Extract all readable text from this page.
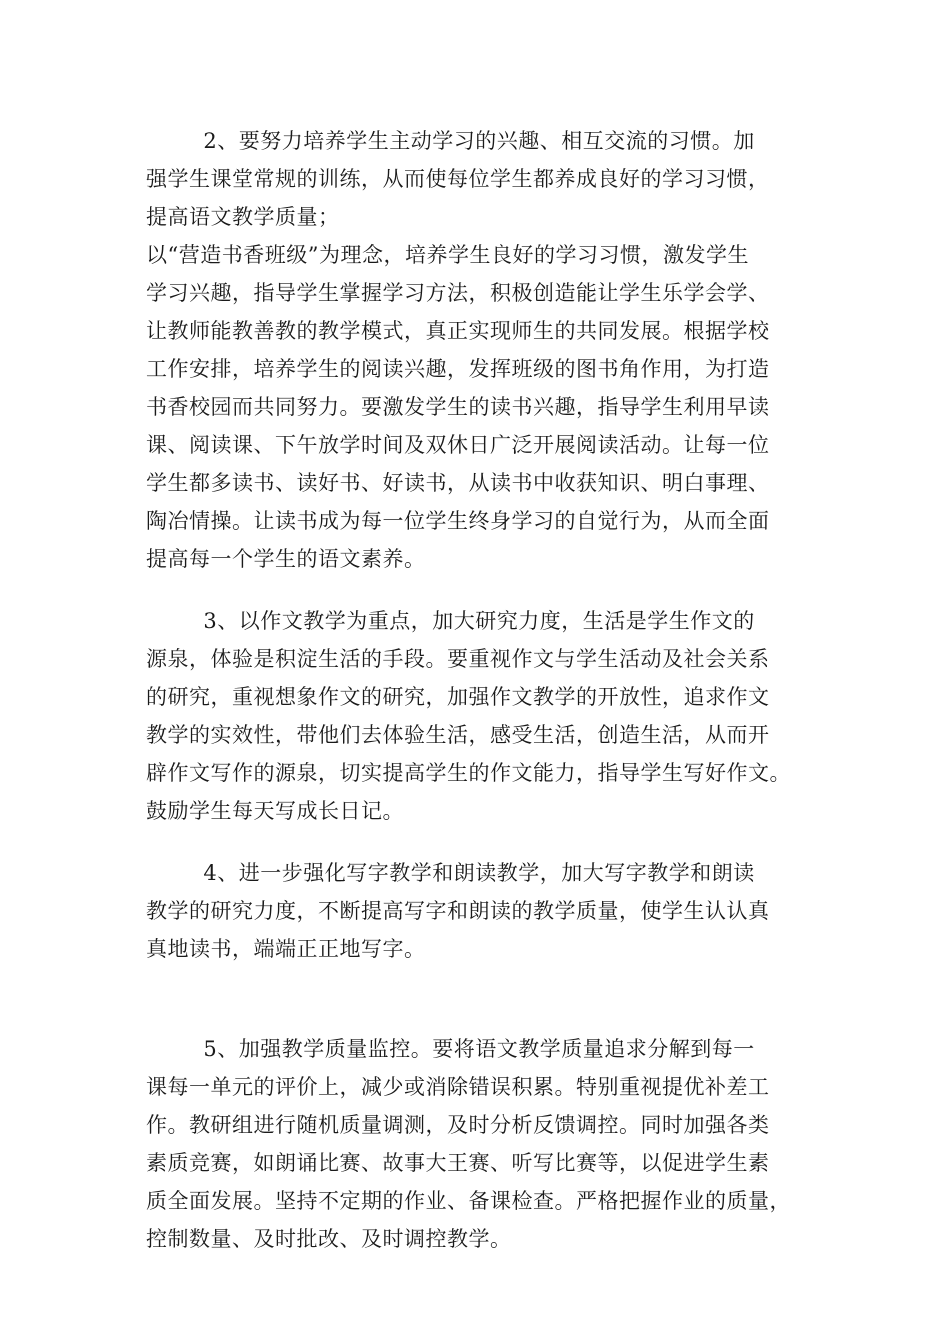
2、要努力培养学生主动学习的兴趣、相互交流的习惯。加
强学生课堂常规的训练，从而使每位学生都养成良好的学习习惯，
提高语文教学质量；
以“营造书香班级”为理念，培养学生良好的学习习惯，激发学生
学习兴趣，指导学生掌握学习方法，积极创造能让学生乐学会学、
让教师能教善教的教学模式，真正实现师生的共同发展。根据学校
工作安排，培养学生的阅读兴趣，发挥班级的图书角作用，为打造
书香校园而共同努力。要激发学生的读书兴趣，指导学生利用早读
课、阅读课、下午放学时间及双休日广泛开展阅读活动。让每一位
学生都多读书、读好书、好读书，从读书中收获知识、明白事理、
陶冶情操。让读书成为每一位学生终身学习的自觉行为，从而全面
提高每一个学生的语文素养。
3、以作文教学为重点，加大研究力度，生活是学生作文的
源泉，体验是积淀生活的手段。要重视作文与学生活动及社会关系
的研究，重视想象作文的研究，加强作文教学的开放性，追求作文
教学的实效性，带他们去体验生活，感受生活，创造生活，从而开
辟作文写作的源泉，切实提高学生的作文能力，指导学生写好作文。
鼓励学生每天写成长日记。
4、进一步强化写字教学和朗读教学，加大写字教学和朗读
教学的研究力度，不断提高写字和朗读的教学质量，使学生认认真
真地读书，端端正正地写字。
5、加强教学质量监控。要将语文教学质量追求分解到每一
课每一单元的评价上，减少或消除错误积累。特别重视提优补差工
作。教研组进行随机质量调测，及时分析反馈调控。同时加强各类
素质竞赛，如朗诵比赛、故事大王赛、听写比赛等，以促进学生素
质全面发展。坚持不定期的作业、备课检查。严格把握作业的质量，
控制数量、及时批改、及时调控教学。
